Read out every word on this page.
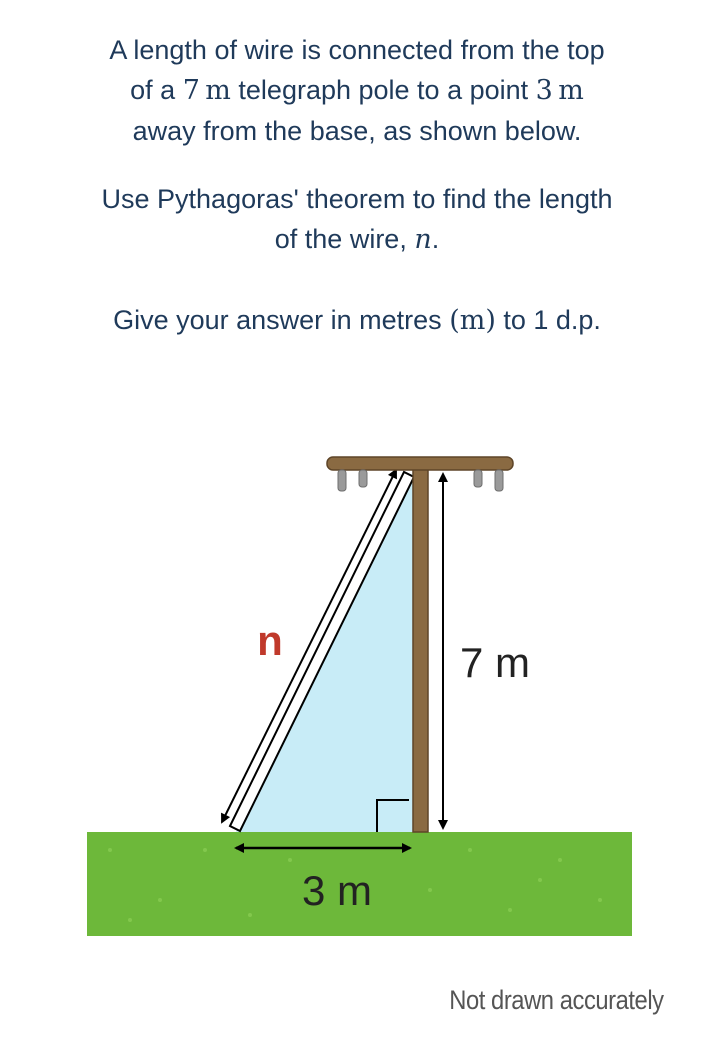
A length of wire is connected from the top

of a 7  m telegraph pole to a point 3  m

away from the base, as shown below.

Use Pythagoras' theorem to find the length

of the wire, n.

Give your answer in metres (m) to 1 d.p.

n	7 m
3 m
Not drawn accurately
